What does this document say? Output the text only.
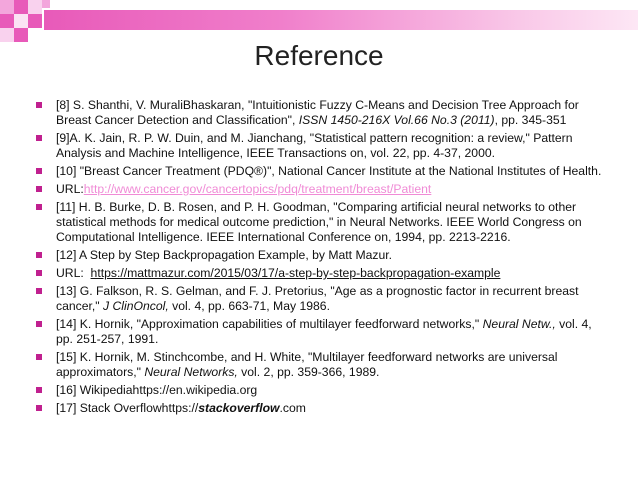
Reference
[8] S. Shanthi, V. MuraliBhaskaran, "Intuitionistic Fuzzy C-Means and Decision Tree Approach for Breast Cancer Detection and Classification", ISSN 1450-216X Vol.66 No.3 (2011), pp. 345-351
[9]A. K. Jain, R. P. W. Duin, and M. Jianchang, "Statistical pattern recognition: a review," Pattern Analysis and Machine Intelligence, IEEE Transactions on, vol. 22, pp. 4-37, 2000.
[10] "Breast Cancer Treatment (PDQ®)", National Cancer Institute at the National Institutes of Health.
URL:http://www.cancer.gov/cancertopics/pdq/treatment/breast/Patient
[11] H. B. Burke, D. B. Rosen, and P. H. Goodman, "Comparing artificial neural networks to other statistical methods for medical outcome prediction," in Neural Networks. IEEE World Congress on Computational Intelligence. IEEE International Conference on, 1994, pp. 2213-2216.
[12] A Step by Step Backpropagation Example, by Matt Mazur.
URL:  https://mattmazur.com/2015/03/17/a-step-by-step-backpropagation-example
[13] G. Falkson, R. S. Gelman, and F. J. Pretorius, "Age as a prognostic factor in recurrent breast cancer," J ClinOncol, vol. 4, pp. 663-71, May 1986.
[14] K. Hornik, "Approximation capabilities of multilayer feedforward networks," Neural Netw., vol. 4, pp. 251-257, 1991.
[15] K. Hornik, M. Stinchcombe, and H. White, "Multilayer feedforward networks are universal approximators," Neural Networks, vol. 2, pp. 359-366, 1989.
[16] Wikipediahttps://en.wikipedia.org
[17] Stack Overflowhttps://stackoverflow.com
